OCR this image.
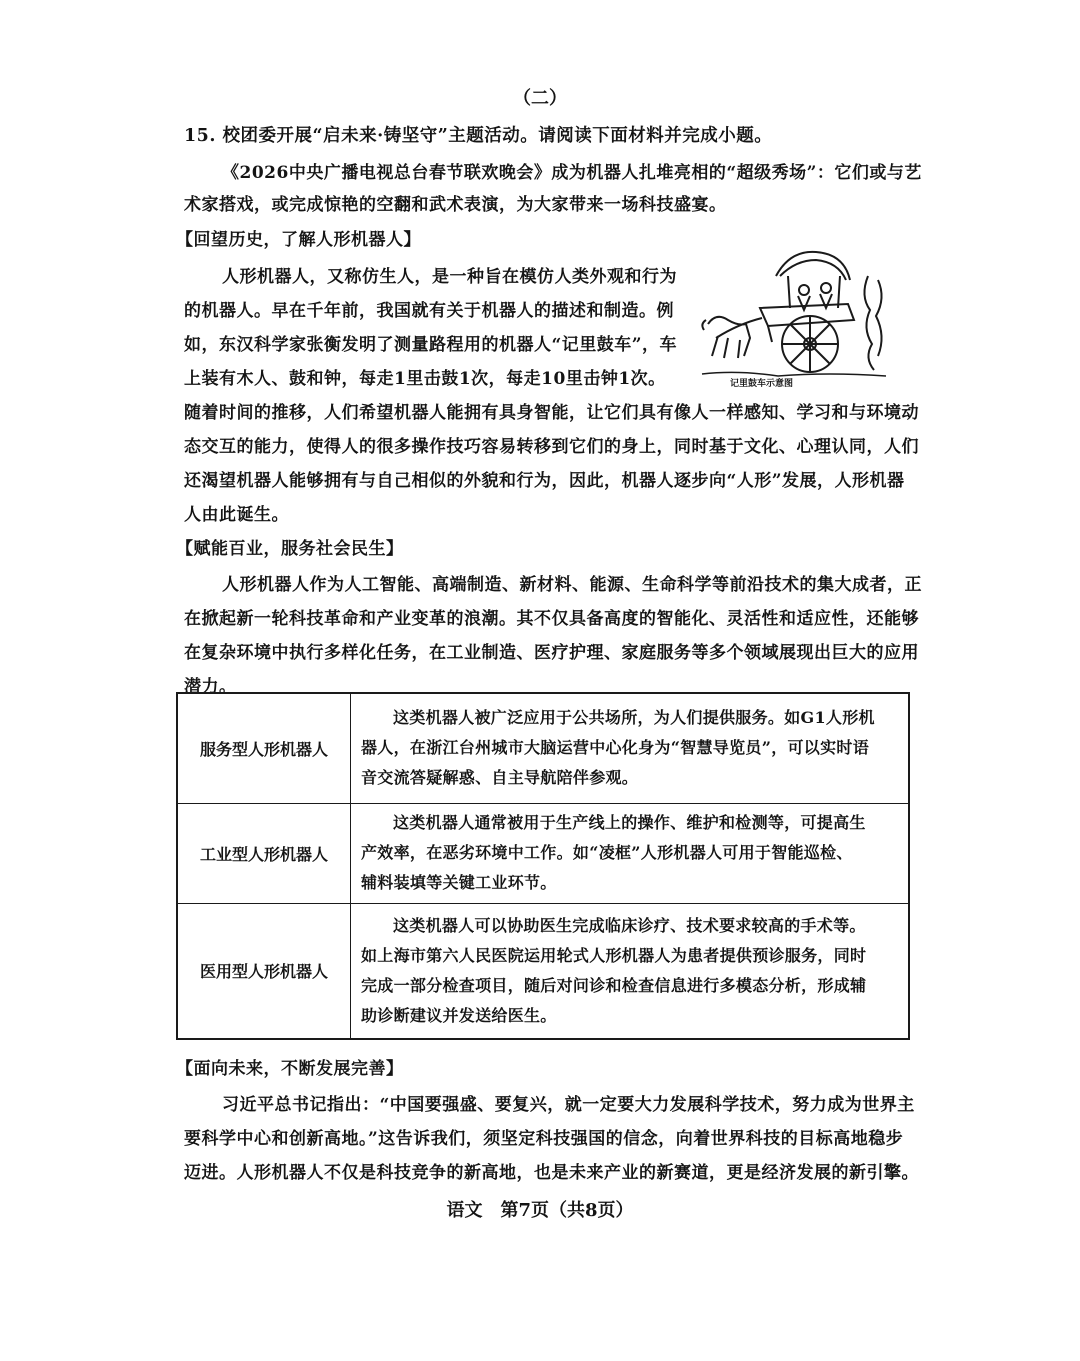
（二）
15. 校团委开展“启未来·铸坚守”主题活动。请阅读下面材料并完成小题。
《2026中央广播电视总台春节联欢晚会》成为机器人扎堆亮相的“超级秀场”：它们或与艺
术家搭戏，或完成惊艳的空翻和武术表演，为大家带来一场科技盛宴。
【回望历史，了解人形机器人】
人形机器人，又称仿生人，是一种旨在模仿人类外观和行为
的机器人。早在千年前，我国就有关于机器人的描述和制造。例
如，东汉科学家张衡发明了测量路程用的机器人“记里鼓车”，车
上装有木人、鼓和钟，每走1里击鼓1次，每走10里击钟1次。
随着时间的推移，人们希望机器人能拥有具身智能，让它们具有像人一样感知、学习和与环境动
态交互的能力，使得人的很多操作技巧容易转移到它们的身上，同时基于文化、心理认同，人们
还渴望机器人能够拥有与自己相似的外貌和行为，因此，机器人逐步向“人形”发展，人形机器
人由此诞生。
记里鼓车示意图
【赋能百业，服务社会民生】
人形机器人作为人工智能、高端制造、新材料、能源、生命科学等前沿技术的集大成者，正
在掀起新一轮科技革命和产业变革的浪潮。其不仅具备高度的智能化、灵活性和适应性，还能够
在复杂环境中执行多样化任务，在工业制造、医疗护理、家庭服务等多个领域展现出巨大的应用
潜力。
服务型人形机器人	这类机器人被广泛应用于公共场所，为人们提供服务。如G1人形机
器人，在浙江台州城市大脑运营中心化身为“智慧导览员”，可以实时语
音交流答疑解惑、自主导航陪伴参观。

工业型人形机器人	这类机器人通常被用于生产线上的操作、维护和检测等，可提高生
产效率，在恶劣环境中工作。如“凌框”人形机器人可用于智能巡检、
辅料装填等关键工业环节。

医用型人形机器人	这类机器人可以协助医生完成临床诊疗、技术要求较高的手术等。
如上海市第六人民医院运用轮式人形机器人为患者提供预诊服务，同时
完成一部分检查项目，随后对问诊和检查信息进行多模态分析，形成辅
助诊断建议并发送给医生。
【面向未来，不断发展完善】
习近平总书记指出：“中国要强盛、要复兴，就一定要大力发展科学技术，努力成为世界主
要科学中心和创新高地。”这告诉我们，须坚定科技强国的信念，向着世界科技的目标高地稳步
迈进。人形机器人不仅是科技竞争的新高地，也是未来产业的新赛道，更是经济发展的新引擎。
语文　第7页（共8页）
